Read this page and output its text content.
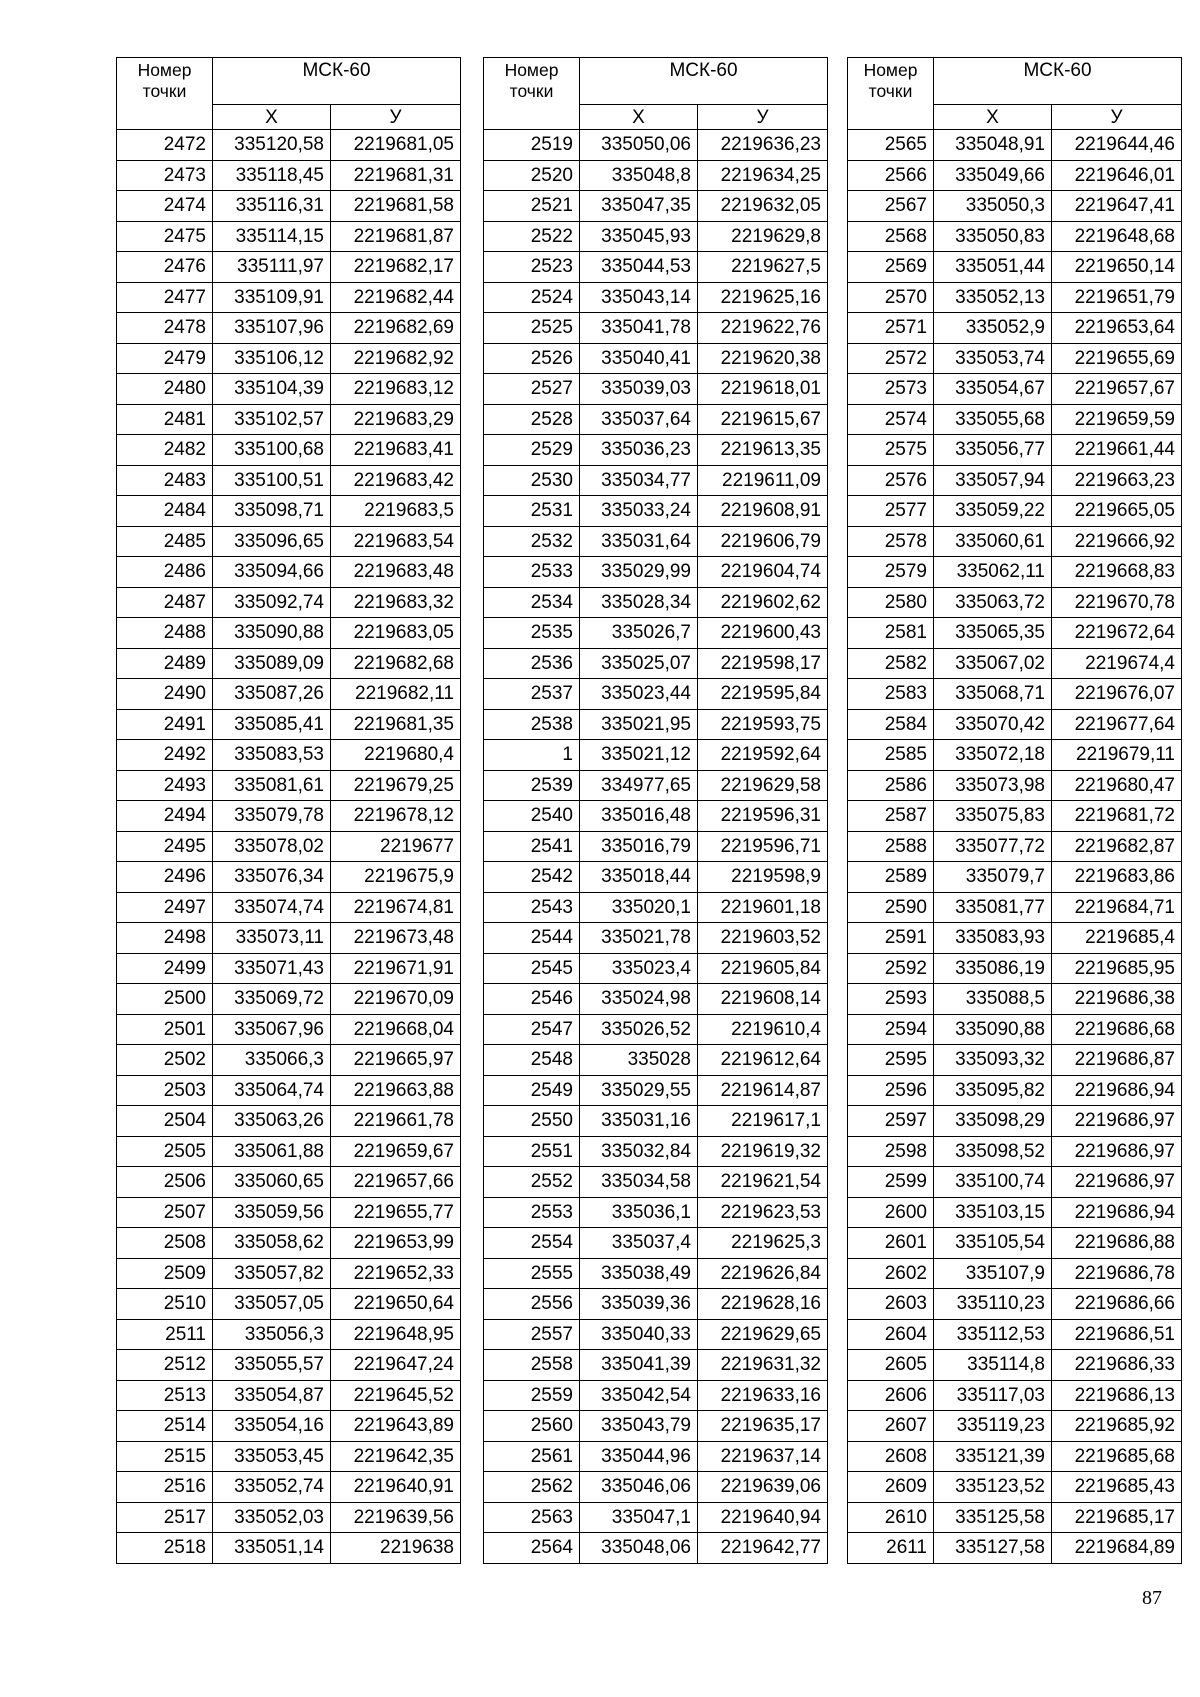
Номер
точки	МСК-60	
	Х	У
2472	335120,58	2219681,05
2473	335118,45	2219681,31
2474	335116,31	2219681,58
2475	335114,15	2219681,87
2476	335111,97	2219682,17
2477	335109,91	2219682,44
2478	335107,96	2219682,69
2479	335106,12	2219682,92
2480	335104,39	2219683,12
2481	335102,57	2219683,29
2482	335100,68	2219683,41
2483	335100,51	2219683,42
2484	335098,71	2219683,5
2485	335096,65	2219683,54
2486	335094,66	2219683,48
2487	335092,74	2219683,32
2488	335090,88	2219683,05
2489	335089,09	2219682,68
2490	335087,26	2219682,11
2491	335085,41	2219681,35
2492	335083,53	2219680,4
2493	335081,61	2219679,25
2494	335079,78	2219678,12
2495	335078,02	2219677
2496	335076,34	2219675,9
2497	335074,74	2219674,81
2498	335073,11	2219673,48
2499	335071,43	2219671,91
2500	335069,72	2219670,09
2501	335067,96	2219668,04
2502	335066,3	2219665,97
2503	335064,74	2219663,88
2504	335063,26	2219661,78
2505	335061,88	2219659,67
2506	335060,65	2219657,66
2507	335059,56	2219655,77
2508	335058,62	2219653,99
2509	335057,82	2219652,33
2510	335057,05	2219650,64
2511	335056,3	2219648,95
2512	335055,57	2219647,24
2513	335054,87	2219645,52
2514	335054,16	2219643,89
2515	335053,45	2219642,35
2516	335052,74	2219640,91
2517	335052,03	2219639,56
2518	335051,14	2219638
Номер
точки	МСК-60	
	Х	У
2519	335050,06	2219636,23
2520	335048,8	2219634,25
2521	335047,35	2219632,05
2522	335045,93	2219629,8
2523	335044,53	2219627,5
2524	335043,14	2219625,16
2525	335041,78	2219622,76
2526	335040,41	2219620,38
2527	335039,03	2219618,01
2528	335037,64	2219615,67
2529	335036,23	2219613,35
2530	335034,77	2219611,09
2531	335033,24	2219608,91
2532	335031,64	2219606,79
2533	335029,99	2219604,74
2534	335028,34	2219602,62
2535	335026,7	2219600,43
2536	335025,07	2219598,17
2537	335023,44	2219595,84
2538	335021,95	2219593,75
1	335021,12	2219592,64
2539	334977,65	2219629,58
2540	335016,48	2219596,31
2541	335016,79	2219596,71
2542	335018,44	2219598,9
2543	335020,1	2219601,18
2544	335021,78	2219603,52
2545	335023,4	2219605,84
2546	335024,98	2219608,14
2547	335026,52	2219610,4
2548	335028	2219612,64
2549	335029,55	2219614,87
2550	335031,16	2219617,1
2551	335032,84	2219619,32
2552	335034,58	2219621,54
2553	335036,1	2219623,53
2554	335037,4	2219625,3
2555	335038,49	2219626,84
2556	335039,36	2219628,16
2557	335040,33	2219629,65
2558	335041,39	2219631,32
2559	335042,54	2219633,16
2560	335043,79	2219635,17
2561	335044,96	2219637,14
2562	335046,06	2219639,06
2563	335047,1	2219640,94
2564	335048,06	2219642,77
Номер
точки	МСК-60	
	Х	У
2565	335048,91	2219644,46
2566	335049,66	2219646,01
2567	335050,3	2219647,41
2568	335050,83	2219648,68
2569	335051,44	2219650,14
2570	335052,13	2219651,79
2571	335052,9	2219653,64
2572	335053,74	2219655,69
2573	335054,67	2219657,67
2574	335055,68	2219659,59
2575	335056,77	2219661,44
2576	335057,94	2219663,23
2577	335059,22	2219665,05
2578	335060,61	2219666,92
2579	335062,11	2219668,83
2580	335063,72	2219670,78
2581	335065,35	2219672,64
2582	335067,02	2219674,4
2583	335068,71	2219676,07
2584	335070,42	2219677,64
2585	335072,18	2219679,11
2586	335073,98	2219680,47
2587	335075,83	2219681,72
2588	335077,72	2219682,87
2589	335079,7	2219683,86
2590	335081,77	2219684,71
2591	335083,93	2219685,4
2592	335086,19	2219685,95
2593	335088,5	2219686,38
2594	335090,88	2219686,68
2595	335093,32	2219686,87
2596	335095,82	2219686,94
2597	335098,29	2219686,97
2598	335098,52	2219686,97
2599	335100,74	2219686,97
2600	335103,15	2219686,94
2601	335105,54	2219686,88
2602	335107,9	2219686,78
2603	335110,23	2219686,66
2604	335112,53	2219686,51
2605	335114,8	2219686,33
2606	335117,03	2219686,13
2607	335119,23	2219685,92
2608	335121,39	2219685,68
2609	335123,52	2219685,43
2610	335125,58	2219685,17
2611	335127,58	2219684,89
87
